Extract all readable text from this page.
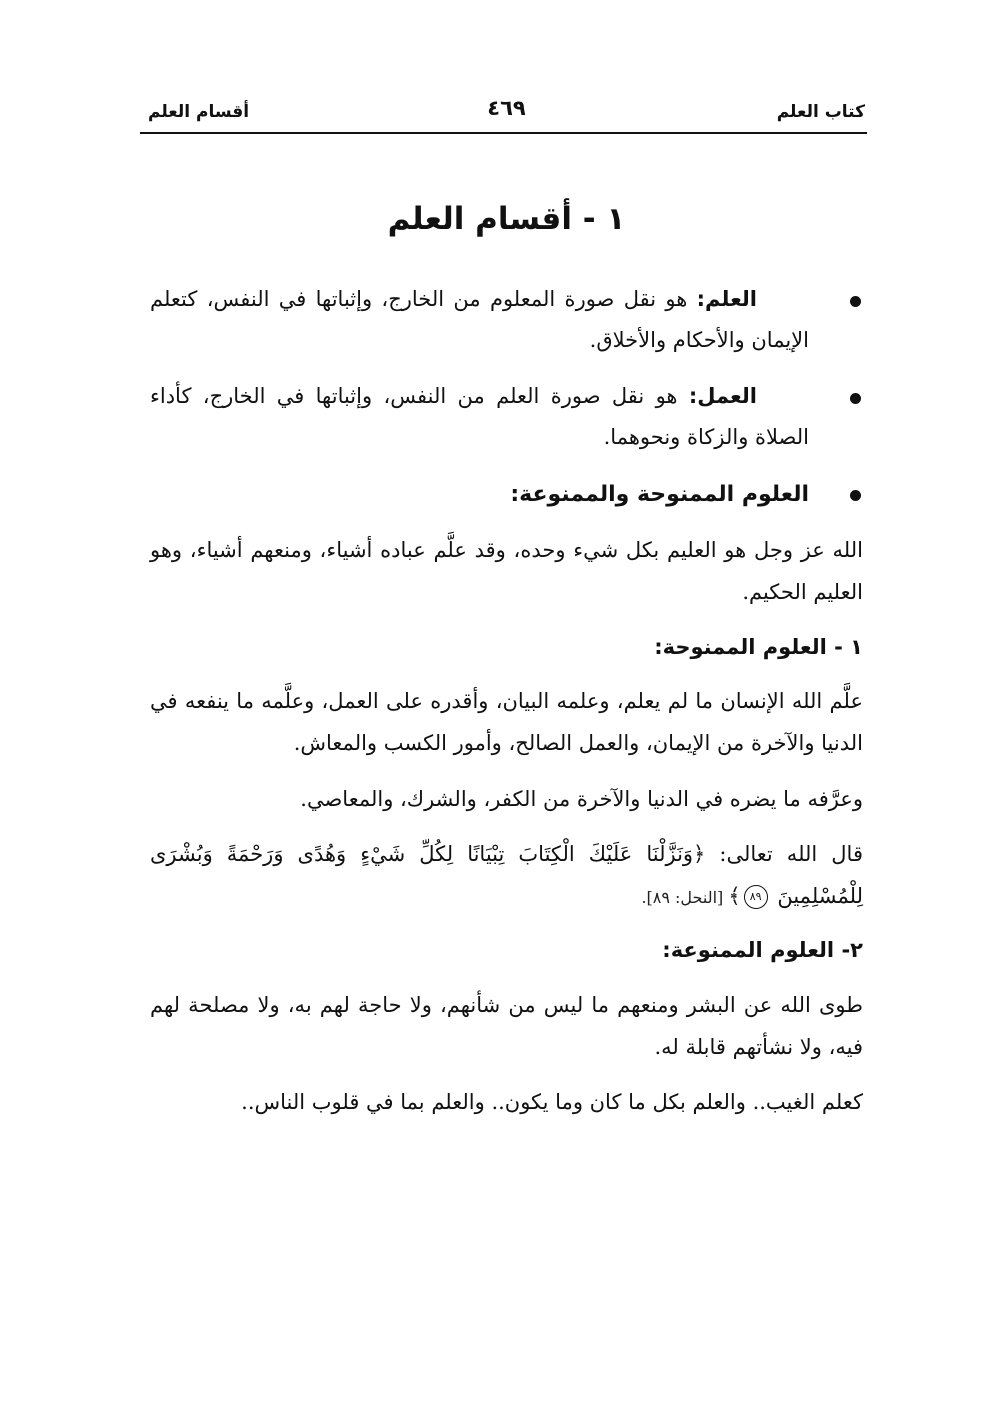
كتاب العلم
٤٦٩
أقسام العلم
١ - أقسام العلم
العلم: هو نقل صورة المعلوم من الخارج، وإثباتها في النفس، كتعلم الإيمان والأحكام والأخلاق.
العمل: هو نقل صورة العلم من النفس، وإثباتها في الخارج، كأداء الصلاة والزكاة ونحوهما.
العلوم الممنوحة والممنوعة:

الله عز وجل هو العليم بكل شيء وحده، وقد علَّم عباده أشياء، ومنعهم أشياء، وهو العليم الحكيم.

١ - العلوم الممنوحة:

علَّم الله الإنسان ما لم يعلم، وعلمه البيان، وأقدره على العمل، وعلَّمه ما ينفعه في الدنيا والآخرة من الإيمان، والعمل الصالح، وأمور الكسب والمعاش.

وعرَّفه ما يضره في الدنيا والآخرة من الكفر، والشرك، والمعاصي.

قال الله تعالى: ﴿وَنَزَّلْنَا عَلَيْكَ الْكِتَابَ تِبْيَانًا لِكُلِّ شَيْءٍ وَهُدًى وَرَحْمَةً وَبُشْرَى لِلْمُسْلِمِينَ ٨٩﴾ [النحل: ٨٩].

٢- العلوم الممنوعة:

طوى الله عن البشر ومنعهم ما ليس من شأنهم، ولا حاجة لهم به، ولا مصلحة لهم فيه، ولا نشأتهم قابلة له.

كعلم الغيب.. والعلم بكل ما كان وما يكون.. والعلم بما في قلوب الناس..
